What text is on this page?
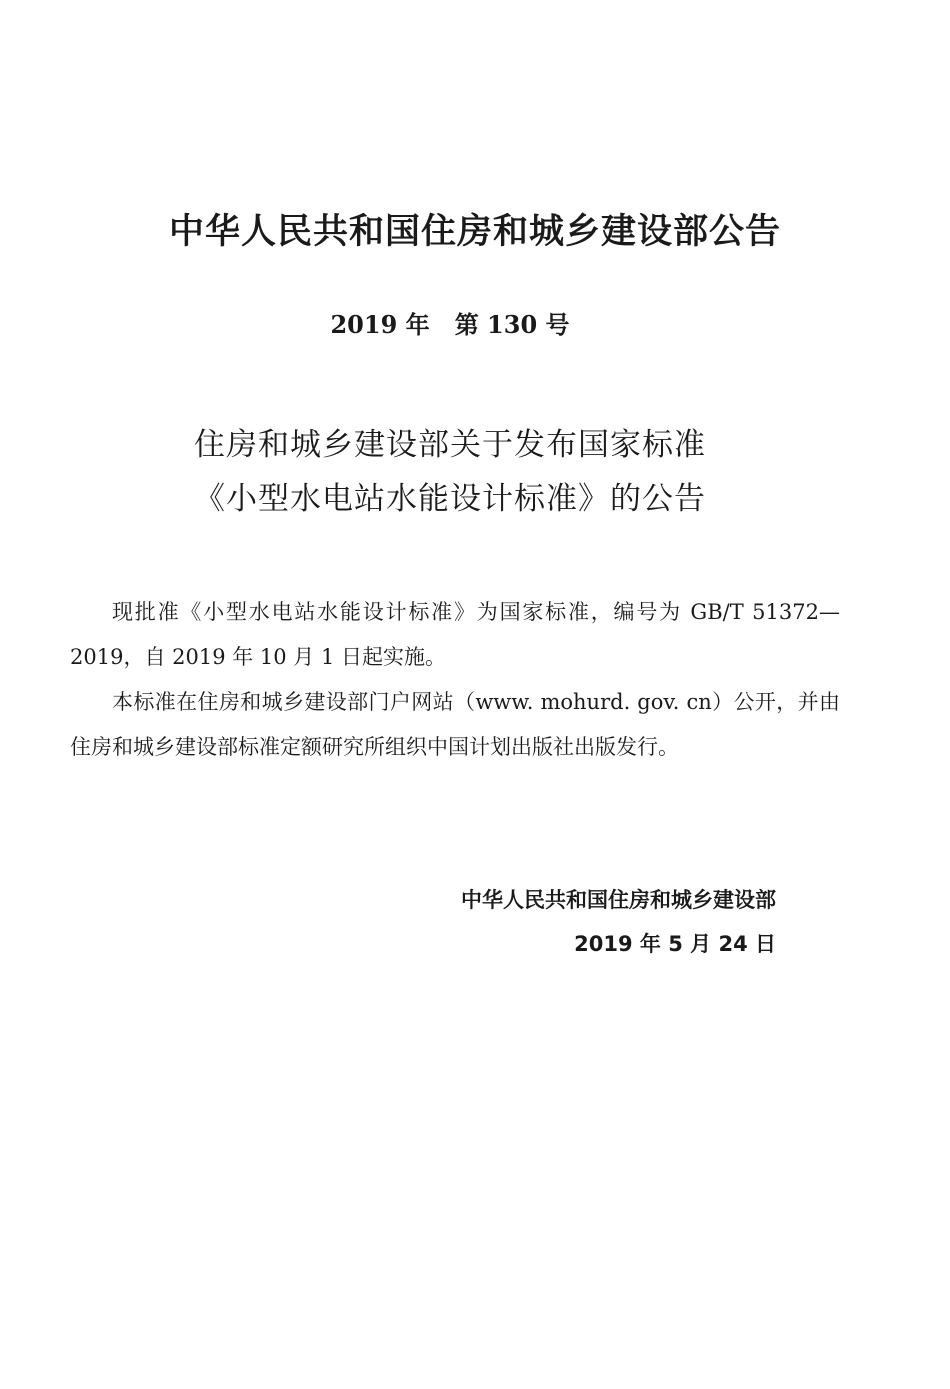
中华人民共和国住房和城乡建设部公告
2019 年   第 130 号
住房和城乡建设部关于发布国家标准
《小型水电站水能设计标准》的公告

现批准《小型水电站水能设计标准》为国家标准，编号为 GB/T 51372—2019，自 2019 年 10 月 1 日起实施。

本标准在住房和城乡建设部门户网站（www. mohurd. gov. cn）公开，并由住房和城乡建设部标准定额研究所组织中国计划出版社出版发行。

中华人民共和国住房和城乡建设部
2019 年 5 月 24 日
